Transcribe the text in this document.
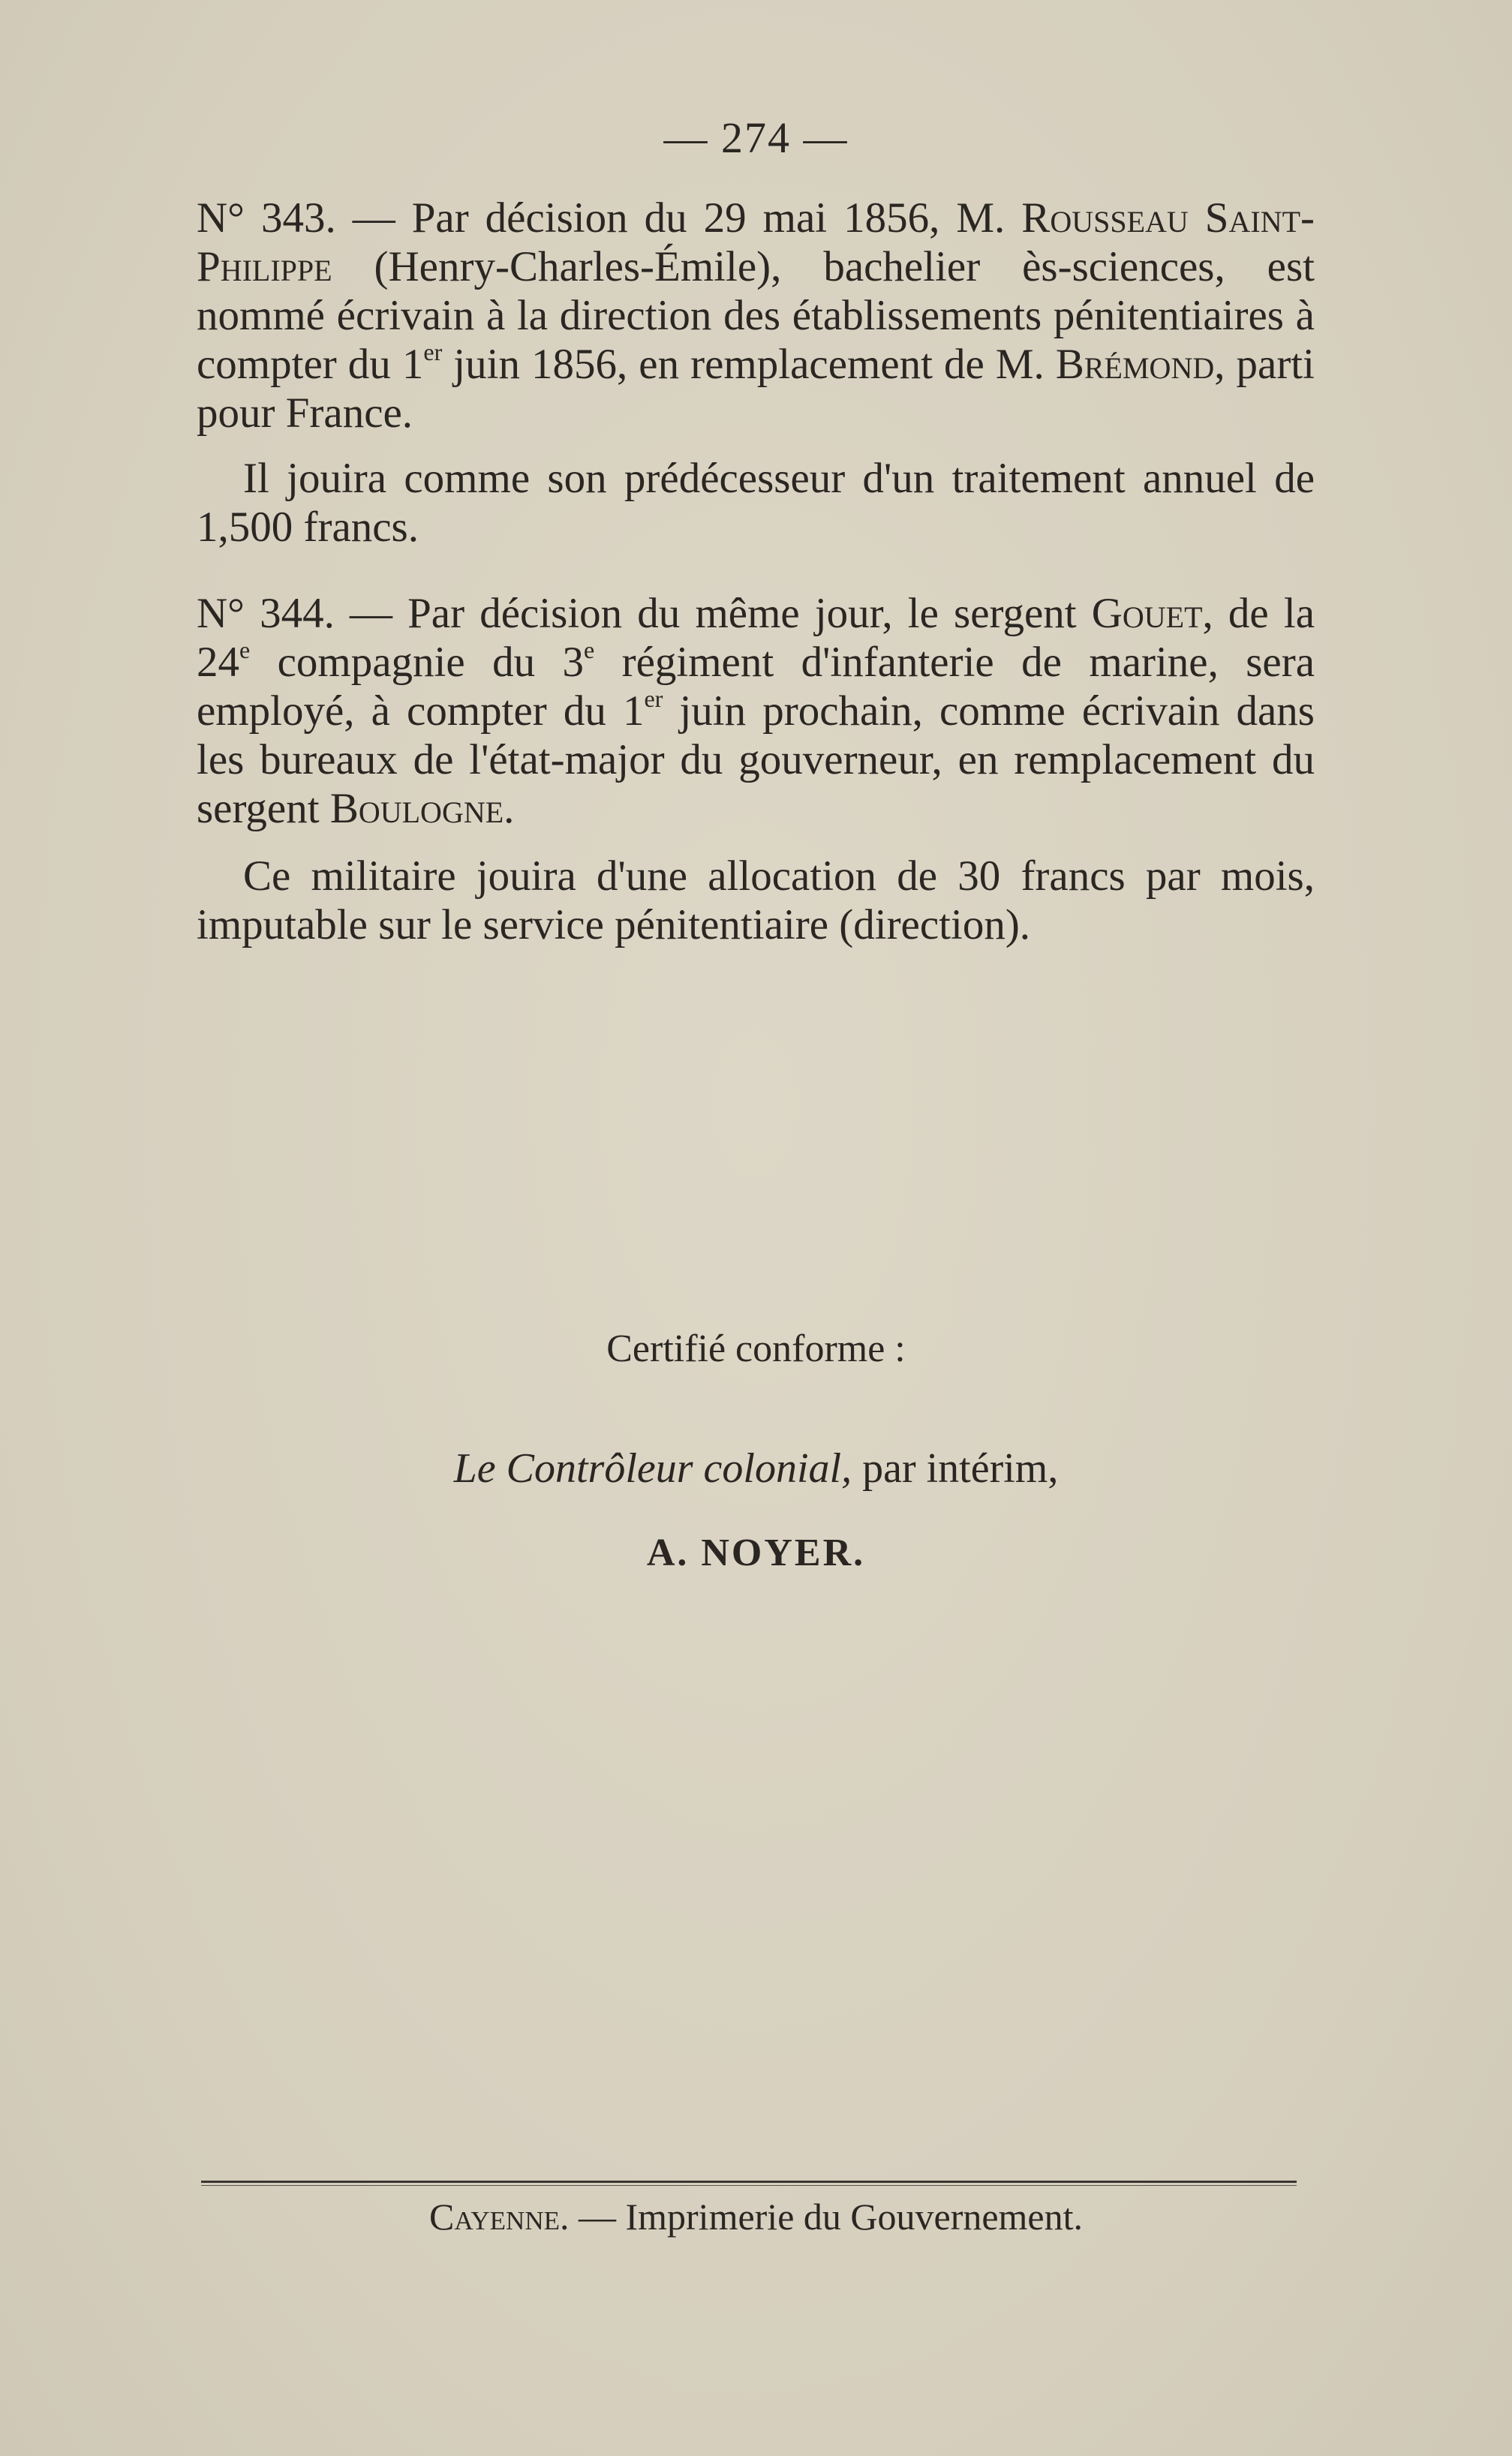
— 274 —

N° 343. — Par décision du 29 mai 1856, M. Rousseau Saint-Philippe (Henry-Charles-Émile), bachelier ès-sciences, est nommé écrivain à la direction des établissements pénitentiaires à compter du 1er juin 1856, en remplacement de M. Brémond, parti pour France.

Il jouira comme son prédécesseur d'un traitement annuel de 1,500 francs.

N° 344. — Par décision du même jour, le sergent Gouet, de la 24e compagnie du 3e régiment d'infanterie de marine, sera employé, à compter du 1er juin prochain, comme écrivain dans les bureaux de l'état-major du gouverneur, en remplacement du sergent Boulogne.

Ce militaire jouira d'une allocation de 30 francs par mois, imputable sur le service pénitentiaire (direction).

Certifié conforme :
Le Contrôleur colonial, par intérim,
A. NOYER.
Cayenne. — Imprimerie du Gouvernement.
